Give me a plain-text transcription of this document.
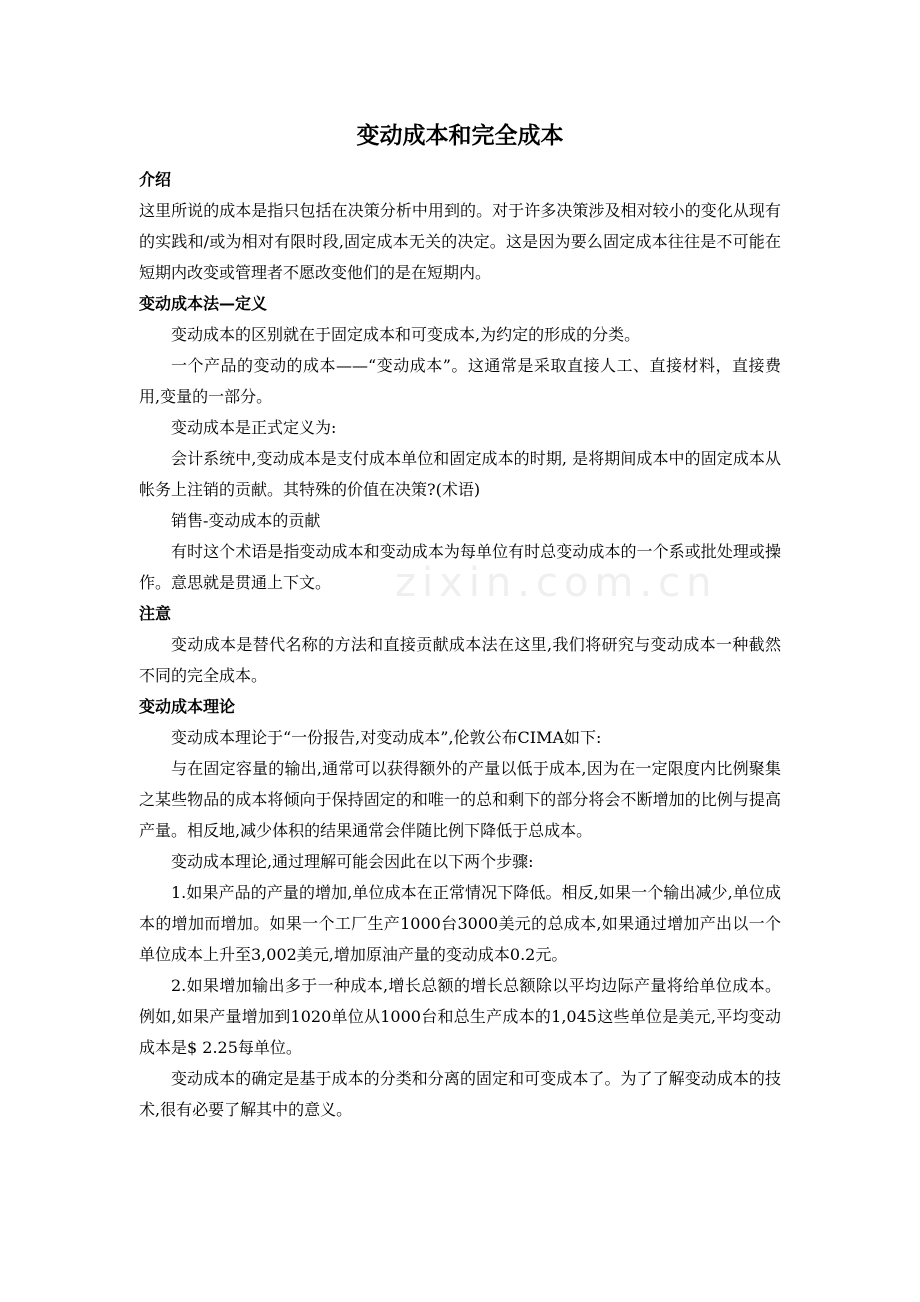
zixin.com.cn
变动成本和完全成本
介绍

这里所说的成本是指只包括在决策分析中用到的。对于许多决策涉及相对较小的变化从现有的实践和/或为相对有限时段,固定成本无关的决定。这是因为要么固定成本往往是不可能在短期内改变或管理者不愿改变他们的是在短期内。

变动成本法—定义

变动成本的区别就在于固定成本和可变成本,为约定的形成的分类。

一个产品的变动的成本——“变动成本”。这通常是采取直接人工、直接材料，直接费用,变量的一部分。

变动成本是正式定义为:

会计系统中,变动成本是支付成本单位和固定成本的时期, 是将期间成本中的固定成本从帐务上注销的贡献。其特殊的价值在决策?(术语)

销售-变动成本的贡献

有时这个术语是指变动成本和变动成本为每单位有时总变动成本的一个系或批处理或操作。意思就是贯通上下文。

注意

变动成本是替代名称的方法和直接贡献成本法在这里,我们将研究与变动成本一种截然不同的完全成本。

变动成本理论

变动成本理论于“一份报告,对变动成本”,伦敦公布CIMA如下:

与在固定容量的输出,通常可以获得额外的产量以低于成本,因为在一定限度内比例聚集之某些物品的成本将倾向于保持固定的和唯一的总和剩下的部分将会不断增加的比例与提高产量。相反地,减少体积的结果通常会伴随比例下降低于总成本。

变动成本理论,通过理解可能会因此在以下两个步骤:

1.如果产品的产量的增加,单位成本在正常情况下降低。相反,如果一个输出减少,单位成本的增加而增加。如果一个工厂生产1000台3000美元的总成本,如果通过增加产出以一个单位成本上升至3,002美元,增加原油产量的变动成本0.2元。

2.如果增加输出多于一种成本,增长总额的增长总额除以平均边际产量将给单位成本。例如,如果产量增加到1020单位从1000台和总生产成本的1,045这些单位是美元,平均变动成本是$ 2.25每单位。

变动成本的确定是基于成本的分类和分离的固定和可变成本了。为了了解变动成本的技术,很有必要了解其中的意义。
